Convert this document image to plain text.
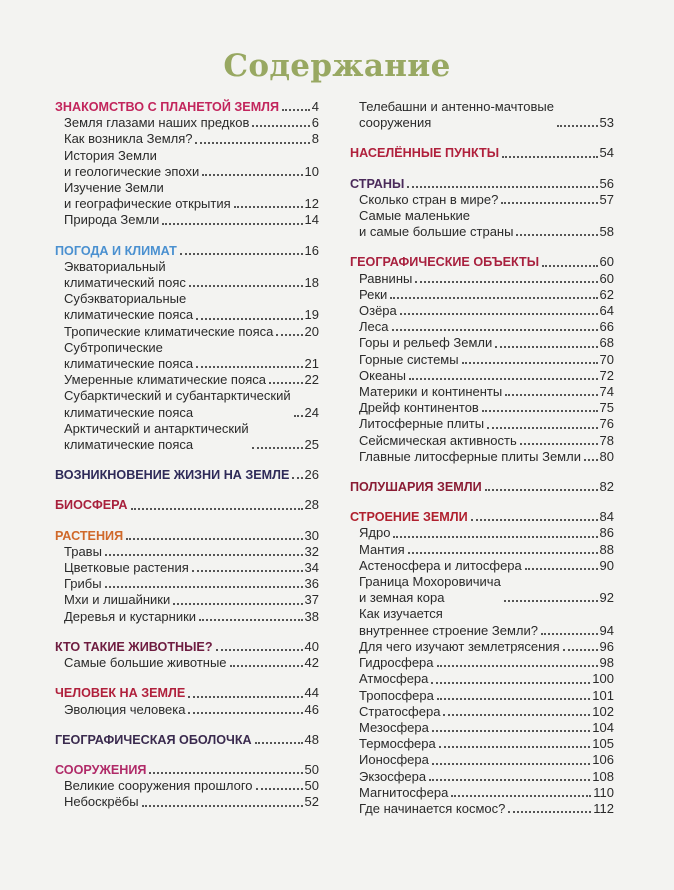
Содержание
ЗНАКОМСТВО С ПЛАНЕТОЙ ЗЕМЛЯ	4
Земля глазами наших предков	6
Как возникла Земля?	8
История Земли
и геологические эпохи	10
Изучение Земли
и географические открытия	12
Природа Земли	14
ПОГОДА И КЛИМАТ	16
Экваториальный
климатический пояс	18
Субэкваториальные
климатические пояса	19
Тропические климатические пояса 20
Субтропические
климатические пояса	21
Умеренные климатические пояса	22
Субарктический и субантарктический
климатические пояса	24
Арктический и антарктический
климатические пояса	25
ВОЗНИКНОВЕНИЕ ЖИЗНИ НА ЗЕМЛЕ 26
БИОСФЕРА	28
РАСТЕНИЯ	30
Травы	32
Цветковые растения	34
Грибы	36
Мхи и лишайники	37
Деревья и кустарники	38
КТО ТАКИЕ ЖИВОТНЫЕ?	40
Самые большие животные	42
ЧЕЛОВЕК НА ЗЕМЛЕ	44
Эволюция человека	46
ГЕОГРАФИЧЕСКАЯ ОБОЛОЧКА	48
СООРУЖЕНИЯ	50
Великие сооружения прошлого	50
Небоскрёбы	52
Телебашни и антенно-мачтовые
сооружения	53
НАСЕЛЁННЫЕ ПУНКТЫ	54
СТРАНЫ	56
Сколько стран в мире?	57
Самые маленькие
и самые большие страны	58
ГЕОГРАФИЧЕСКИЕ ОБЪЕКТЫ	60
Равнины	60
Реки	62
Озёра	64
Леса	66
Горы и рельеф Земли	68
Горные системы	70
Океаны	72
Материки и континенты	74
Дрейф континентов	75
Литосферные плиты	76
Сейсмическая активность	78
Главные литосферные плиты Земли 80
ПОЛУШАРИЯ ЗЕМЛИ	82
СТРОЕНИЕ ЗЕМЛИ	84
Ядро	86
Мантия	88
Астеносфера и литосфера	90
Граница Мохоровичича
и земная кора	92
Как изучается
внутреннее строение Земли?	94
Для чего изучают землетрясения	96
Гидросфера	98
Атмосфера	100
Тропосфера	101
Стратосфера	102
Мезосфера	104
Термосфера	105
Ионосфера	106
Экзосфера	108
Магнитосфера	110
Где начинается космос?	112
